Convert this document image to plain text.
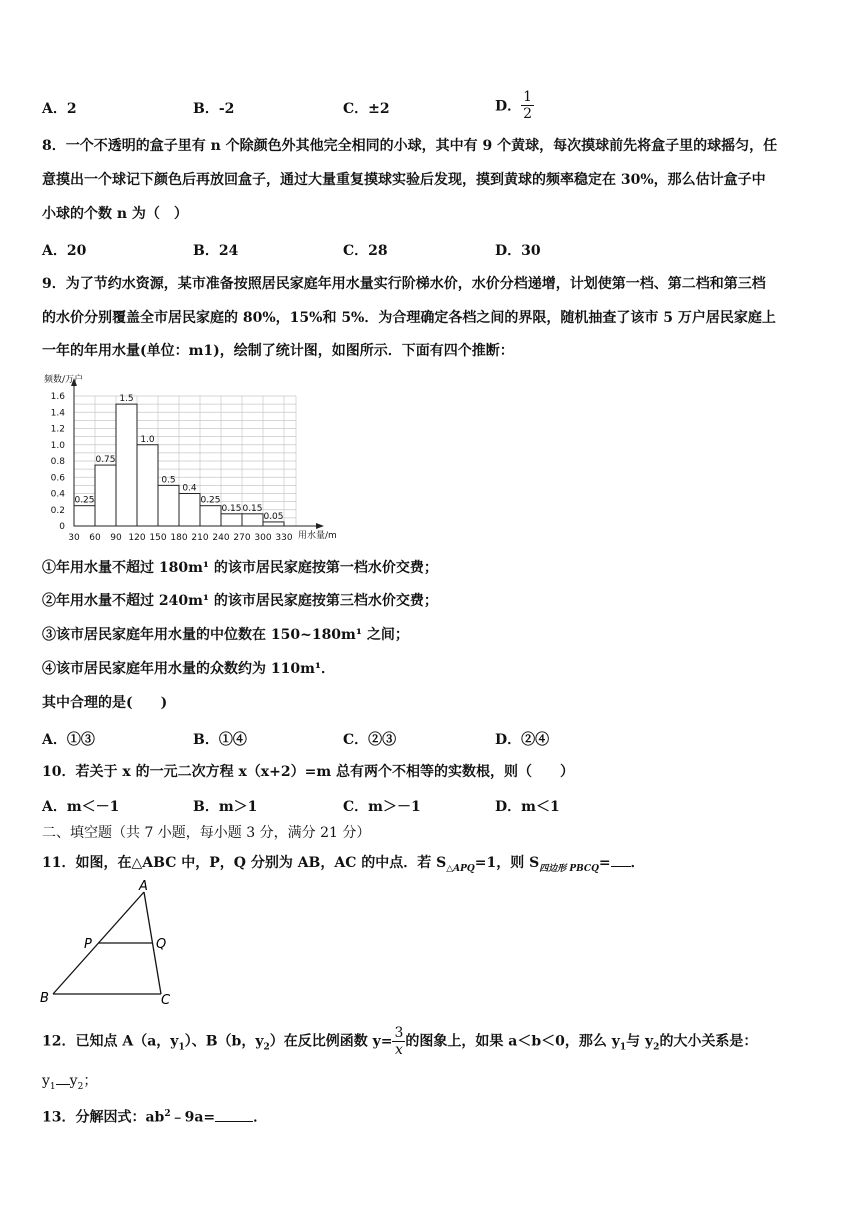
A．2	B．-2	C．±2	D． $\frac{1}{2}$
8．一个不透明的盒子里有 n 个除颜色外其他完全相同的小球，其中有 9 个黄球，每次摸球前先将盒子里的球摇匀，任
意摸出一个球记下颜色后再放回盒子，通过大量重复摸球实验后发现，摸到黄球的频率稳定在 30%，那么估计盒子中
小球的个数 n 为（　）
A．20	B．24	C．28	D．30
9．为了节约水资源，某市准备按照居民家庭年用水量实行阶梯水价，水价分档递增，计划使第一档、第二档和第三档
的水价分别覆盖全市居民家庭的 80%，15%和 5%．为合理确定各档之间的界限，随机抽查了该市 5 万户居民家庭上
一年的年用水量(单位：m1)，绘制了统计图，如图所示．下面有四个推断：
0.25
0.75
1.5
1.0
0.5
0.4
0.25
0.15 0.15
0.05
0
0.2
0.4
0.6
0.8
1.0
1.2
1.4
1.6
30 60 90 120 150 180 210 240 270 300 330
频数/万户
用水量/m
①年用水量不超过 180m¹ 的该市居民家庭按第一档水价交费；
②年用水量不超过 240m¹ 的该市居民家庭按第三档水价交费；
③该市居民家庭年用水量的中位数在 150~180m¹ 之间；
④该市居民家庭年用水量的众数约为 110m¹．
其中合理的是(　　)
A．①③	B．①④	C．②③	D．②④
10．若关于 x 的一元二次方程 x（x+2）=m 总有两个不相等的实数根，则（　　）
A．m＜－1	B．m＞1	C．m＞－1	D．m＜1
二、填空题（共 7 小题，每小题 3 分，满分 21 分）
11．如图，在△ABC 中，P，Q 分别为 AB，AC 的中点．若 $S_{\triangle APQ}=1$，则 $S_{四边形 PBCQ}=$ ．
A
B	C
P	Q
12．已知点 A（a，$y_1$）、B（b，$y_2$）在反比例函数 $y= \frac{3}{x}$ 的图象上，如果 a＜b＜0，那么 $y_1$与 $y_2$的大小关系是：
$y_1$ $y_2$；
13．分解因式：$ab^2﹣9a=$	．
